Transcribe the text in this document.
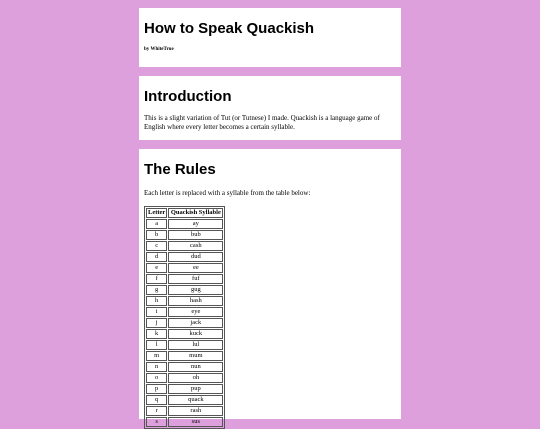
How to Speak Quackish
by WhiteTrue
Introduction

This is a slight variation of Tut (or Tutnese) I made. Quackish is a language game of English where every letter becomes a certain syllable.

The Rules

Each letter is replaced with a syllable from the table below:

Letter	Quackish Syllable
a	ay
b	bub
c	cash
d	dud
e	ee
f	fuf
g	gug
h	hash
i	eye
j	jack
k	kuck
l	lul
m	mum
n	nun
o	oh
p	pup
q	quack
r	rash
s	sus
